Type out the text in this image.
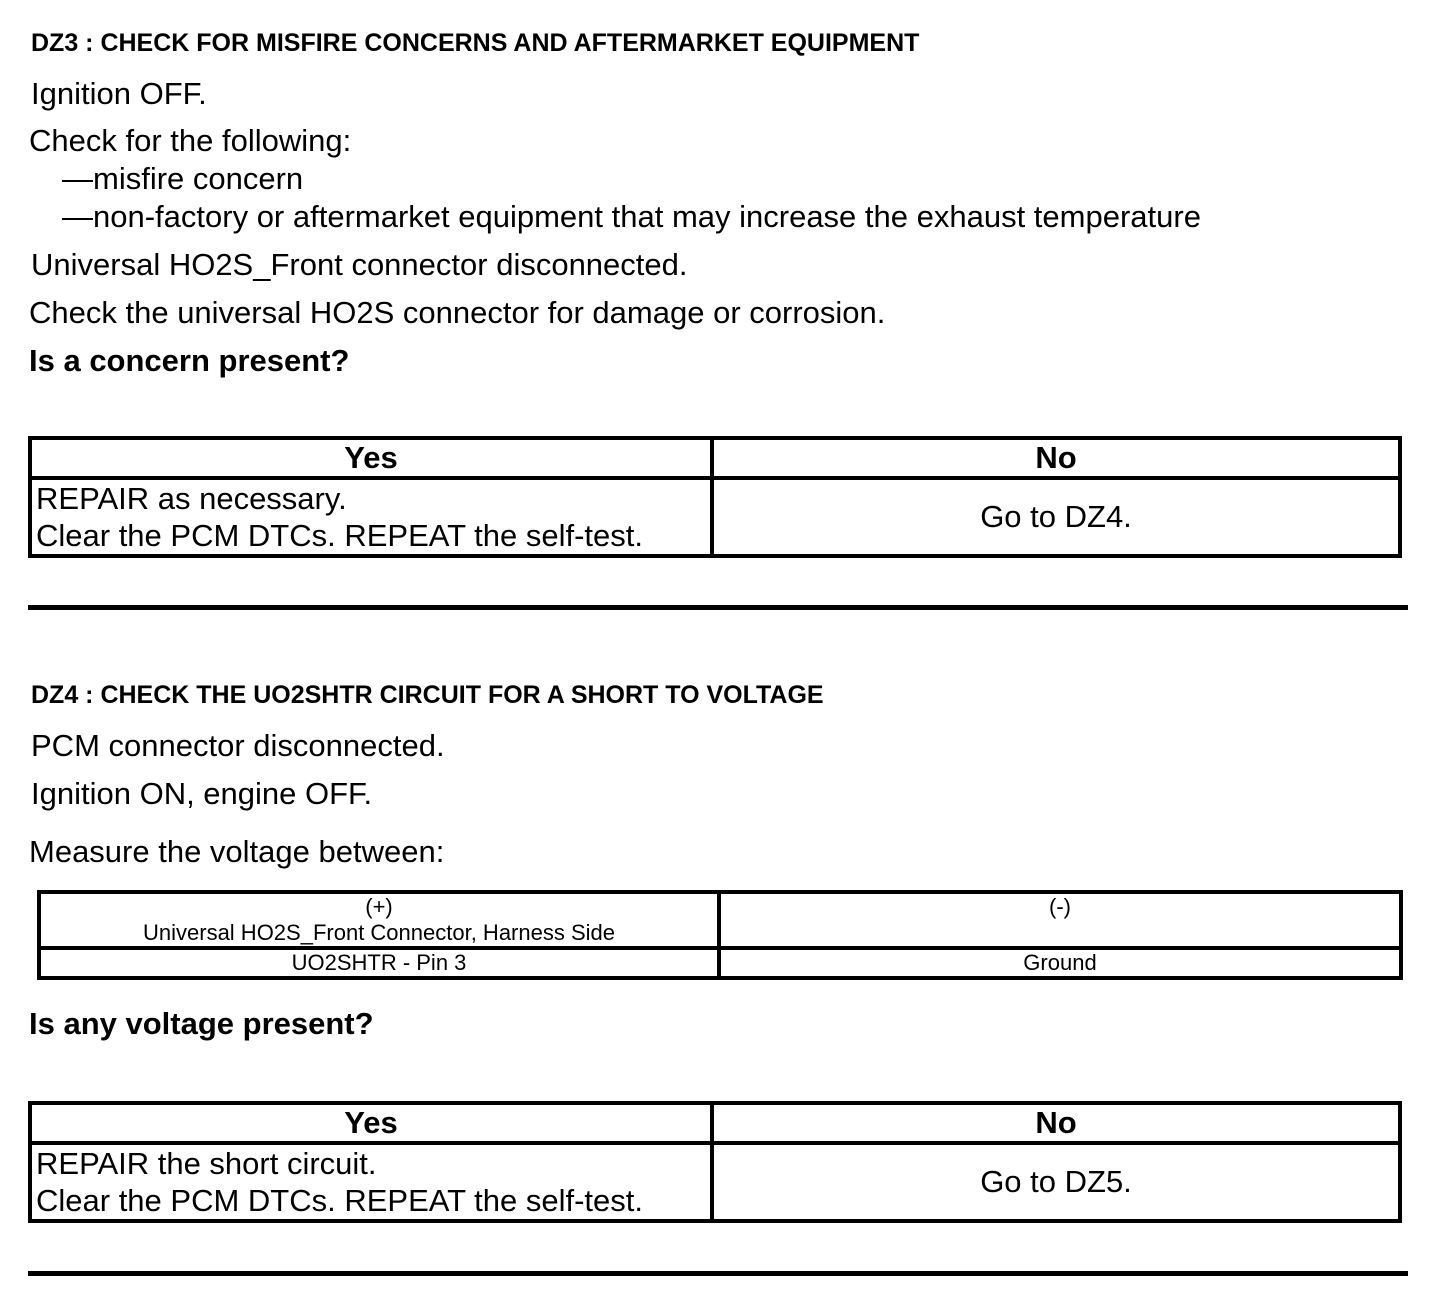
DZ3 : CHECK FOR MISFIRE CONCERNS AND AFTERMARKET EQUIPMENT
Ignition OFF.
Check for the following:
—misfire concern
—non-factory or aftermarket equipment that may increase the exhaust temperature
Universal HO2S_Front connector disconnected.
Check the universal HO2S connector for damage or corrosion.
Is a concern present?
Yes	No

REPAIR as necessary.
Clear the PCM DTCs. REPEAT the self-test.	Go to DZ4.
DZ4 : CHECK THE UO2SHTR CIRCUIT FOR A SHORT TO VOLTAGE
PCM connector disconnected.
Ignition ON, engine OFF.
Measure the voltage between:
(+)
Universal HO2S_Front Connector, Harness Side	(-)
UO2SHTR - Pin 3	Ground
Is any voltage present?
Yes	No

REPAIR the short circuit.
Clear the PCM DTCs. REPEAT the self-test.	Go to DZ5.
